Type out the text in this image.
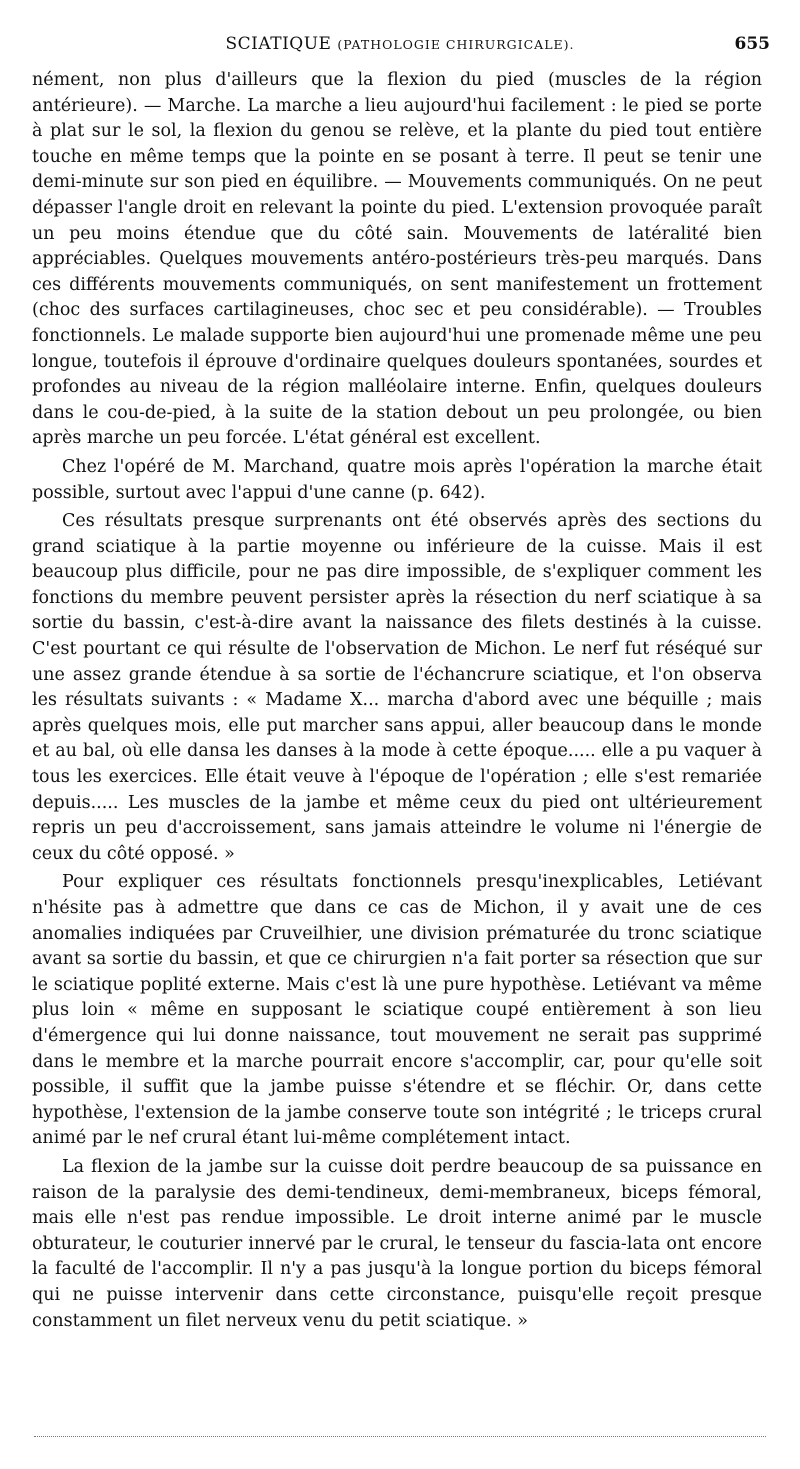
SCIATIQUE (PATHOLOGIE CHIRURGICALE).	655

nément, non plus d'ailleurs que la flexion du pied (muscles de la région antérieure). — Marche. La marche a lieu aujourd'hui facilement : le pied se porte à plat sur le sol, la flexion du genou se relève, et la plante du pied tout entière touche en même temps que la pointe en se posant à terre. Il peut se tenir une demi-minute sur son pied en équilibre. — Mouvements communiqués. On ne peut dépasser l'angle droit en relevant la pointe du pied. L'extension provoquée paraît un peu moins étendue que du côté sain. Mouvements de latéralité bien appréciables. Quelques mouvements antéro-postérieurs très-peu marqués. Dans ces différents mouvements communiqués, on sent manifestement un frottement (choc des surfaces cartilagineuses, choc sec et peu considérable). — Troubles fonctionnels. Le malade supporte bien aujourd'hui une promenade même une peu longue, toutefois il éprouve d'ordinaire quelques douleurs spontanées, sourdes et profondes au niveau de la région malléolaire interne. Enfin, quelques douleurs dans le cou-de-pied, à la suite de la station debout un peu prolongée, ou bien après marche un peu forcée. L'état général est excellent.

Chez l'opéré de M. Marchand, quatre mois après l'opération la marche était possible, surtout avec l'appui d'une canne (p. 642).

Ces résultats presque surprenants ont été observés après des sections du grand sciatique à la partie moyenne ou inférieure de la cuisse. Mais il est beaucoup plus difficile, pour ne pas dire impossible, de s'expliquer comment les fonctions du membre peuvent persister après la résection du nerf sciatique à sa sortie du bassin, c'est-à-dire avant la naissance des filets destinés à la cuisse. C'est pourtant ce qui résulte de l'observation de Michon. Le nerf fut réséqué sur une assez grande étendue à sa sortie de l'échancrure sciatique, et l'on observa les résultats suivants : « Madame X... marcha d'abord avec une béquille ; mais après quelques mois, elle put marcher sans appui, aller beaucoup dans le monde et au bal, où elle dansa les danses à la mode à cette époque..... elle a pu vaquer à tous les exercices. Elle était veuve à l'époque de l'opération ; elle s'est remariée depuis..... Les muscles de la jambe et même ceux du pied ont ultérieurement repris un peu d'accroissement, sans jamais atteindre le volume ni l'énergie de ceux du côté opposé. »

Pour expliquer ces résultats fonctionnels presqu'inexplicables, Letiévant n'hésite pas à admettre que dans ce cas de Michon, il y avait une de ces anomalies indiquées par Cruveilhier, une division prématurée du tronc sciatique avant sa sortie du bassin, et que ce chirurgien n'a fait porter sa résection que sur le sciatique poplité externe. Mais c'est là une pure hypothèse. Letiévant va même plus loin « même en supposant le sciatique coupé entièrement à son lieu d'émergence qui lui donne naissance, tout mouvement ne serait pas supprimé dans le membre et la marche pourrait encore s'accomplir, car, pour qu'elle soit possible, il suffit que la jambe puisse s'étendre et se fléchir. Or, dans cette hypothèse, l'extension de la jambe conserve toute son intégrité ; le triceps crural animé par le nef crural étant lui-même complétement intact.

La flexion de la jambe sur la cuisse doit perdre beaucoup de sa puissance en raison de la paralysie des demi-tendineux, demi-membraneux, biceps fémoral, mais elle n'est pas rendue impossible. Le droit interne animé par le muscle obturateur, le couturier innervé par le crural, le tenseur du fascia-lata ont encore la faculté de l'accomplir. Il n'y a pas jusqu'à la longue portion du biceps fémoral qui ne puisse intervenir dans cette circonstance, puisqu'elle reçoit presque constamment un filet nerveux venu du petit sciatique. »
